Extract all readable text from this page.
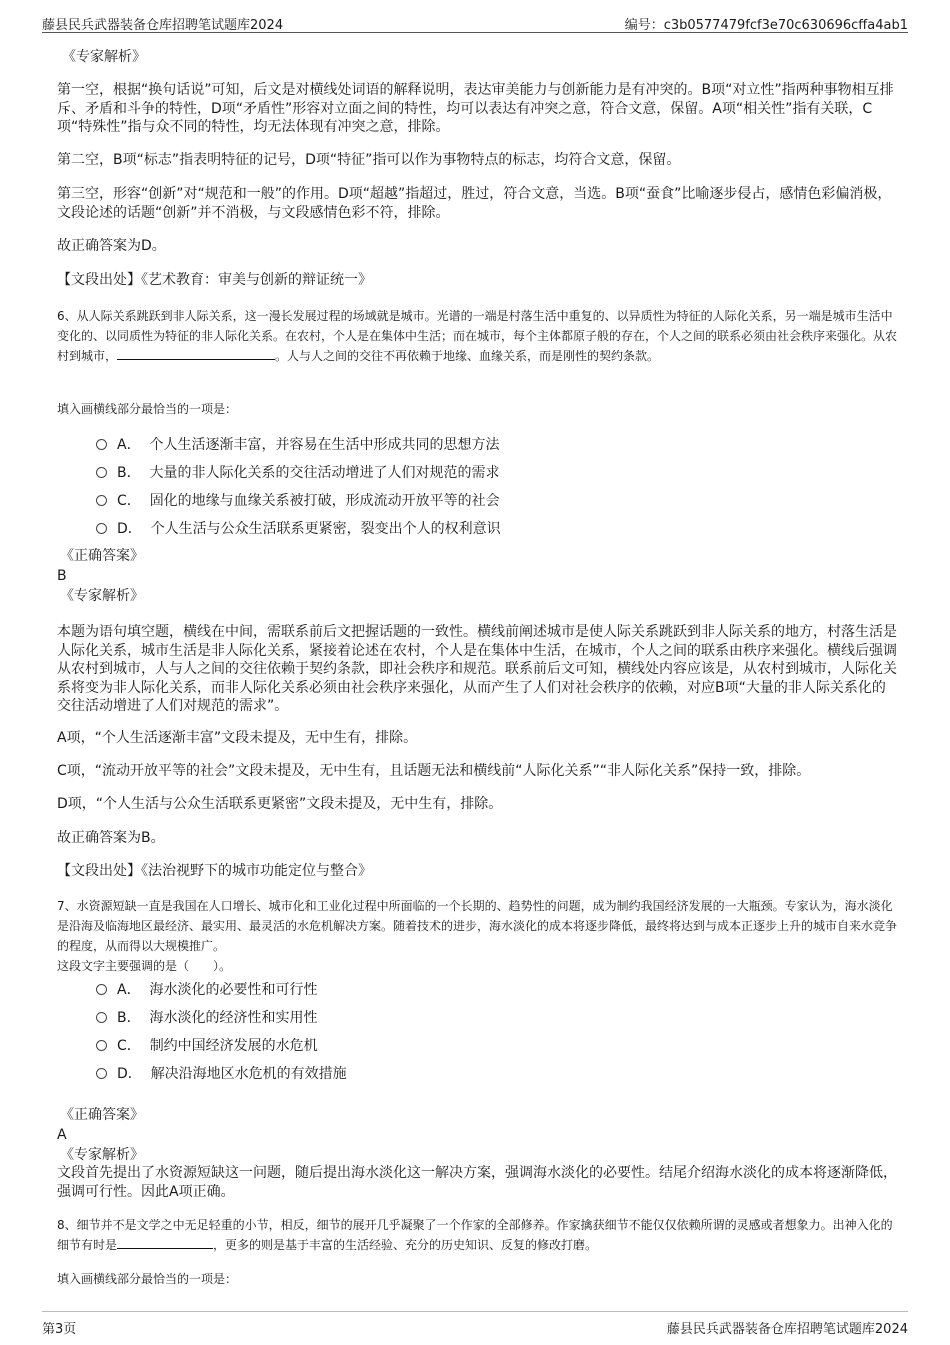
藤县民兵武器装备仓库招聘笔试题库2024	编号：c3b0577479fcf3e70c630696cffa4ab1
《专家解析》
第一空，根据“换句话说”可知，后文是对横线处词语的解释说明，表达审美能力与创新能力是有冲突的。B项“对立性”指两种事物相互排斥、矛盾和斗争的特性，D项“矛盾性”形容对立面之间的特性，均可以表达有冲突之意，符合文意，保留。A项“相关性”指有关联，C项“特殊性”指与众不同的特性，均无法体现有冲突之意，排除。
第二空，B项“标志”指表明特征的记号，D项“特征”指可以作为事物特点的标志，均符合文意，保留。
第三空，形容“创新”对“规范和一般”的作用。D项“超越”指超过，胜过，符合文意，当选。B项“蚕食”比喻逐步侵占，感情色彩偏消极，文段论述的话题“创新”并不消极，与文段感情色彩不符，排除。
故正确答案为D。
【文段出处】《艺术教育：审美与创新的辩证统一》
6、从人际关系跳跃到非人际关系，这一漫长发展过程的场域就是城市。光谱的一端是村落生活中重复的、以异质性为特征的人际化关系，另一端是城市生活中变化的、以同质性为特征的非人际化关系。在农村，个人是在集体中生活；而在城市，每个主体都原子般的存在，个人之间的联系必须由社会秩序来强化。从农村到城市，	。人与人之间的交往不再依赖于地缘、血缘关系，而是刚性的契约条款。
填入画横线部分最恰当的一项是：
A． 个人生活逐渐丰富，并容易在生活中形成共同的思想方法
B． 大量的非人际化关系的交往活动增进了人们对规范的需求
C． 固化的地缘与血缘关系被打破，形成流动开放平等的社会
D． 个人生活与公众生活联系更紧密，裂变出个人的权利意识
《正确答案》
B
《专家解析》
本题为语句填空题，横线在中间，需联系前后文把握话题的一致性。横线前阐述城市是使人际关系跳跃到非人际关系的地方，村落生活是人际化关系，城市生活是非人际化关系，紧接着论述在农村，个人是在集体中生活，在城市，个人之间的联系由秩序来强化。横线后强调从农村到城市，人与人之间的交往依赖于契约条款，即社会秩序和规范。联系前后文可知，横线处内容应该是，从农村到城市，人际化关系将变为非人际化关系，而非人际化关系必须由社会秩序来强化，从而产生了人们对社会秩序的依赖，对应B项“大量的非人际关系化的交往活动增进了人们对规范的需求”。
A项，“个人生活逐渐丰富”文段未提及，无中生有，排除。
C项，“流动开放平等的社会”文段未提及，无中生有，且话题无法和横线前“人际化关系”“非人际化关系”保持一致，排除。
D项，“个人生活与公众生活联系更紧密”文段未提及，无中生有，排除。
故正确答案为B。
【文段出处】《法治视野下的城市功能定位与整合》
7、水资源短缺一直是我国在人口增长、城市化和工业化过程中所面临的一个长期的、趋势性的问题，成为制约我国经济发展的一大瓶颈。专家认为，海水淡化是沿海及临海地区最经济、最实用、最灵活的水危机解决方案。随着技术的进步，海水淡化的成本将逐步降低，最终将达到与成本正逐步上升的城市自来水竞争的程度，从而得以大规模推广。
这段文字主要强调的是（　　）。
A． 海水淡化的必要性和可行性
B． 海水淡化的经济性和实用性
C． 制约中国经济发展的水危机
D． 解决沿海地区水危机的有效措施
《正确答案》
A
《专家解析》
文段首先提出了水资源短缺这一问题，随后提出海水淡化这一解决方案，强调海水淡化的必要性。结尾介绍海水淡化的成本将逐渐降低，强调可行性。因此A项正确。
8、细节并不是文学之中无足轻重的小节，相反，细节的展开几乎凝聚了一个作家的全部修养。作家擒获细节不能仅仅依赖所谓的灵感或者想象力。出神入化的细节有时是	，更多的则是基于丰富的生活经验、充分的历史知识、反复的修改打磨。
填入画横线部分最恰当的一项是：
第3页	藤县民兵武器装备仓库招聘笔试题库2024
